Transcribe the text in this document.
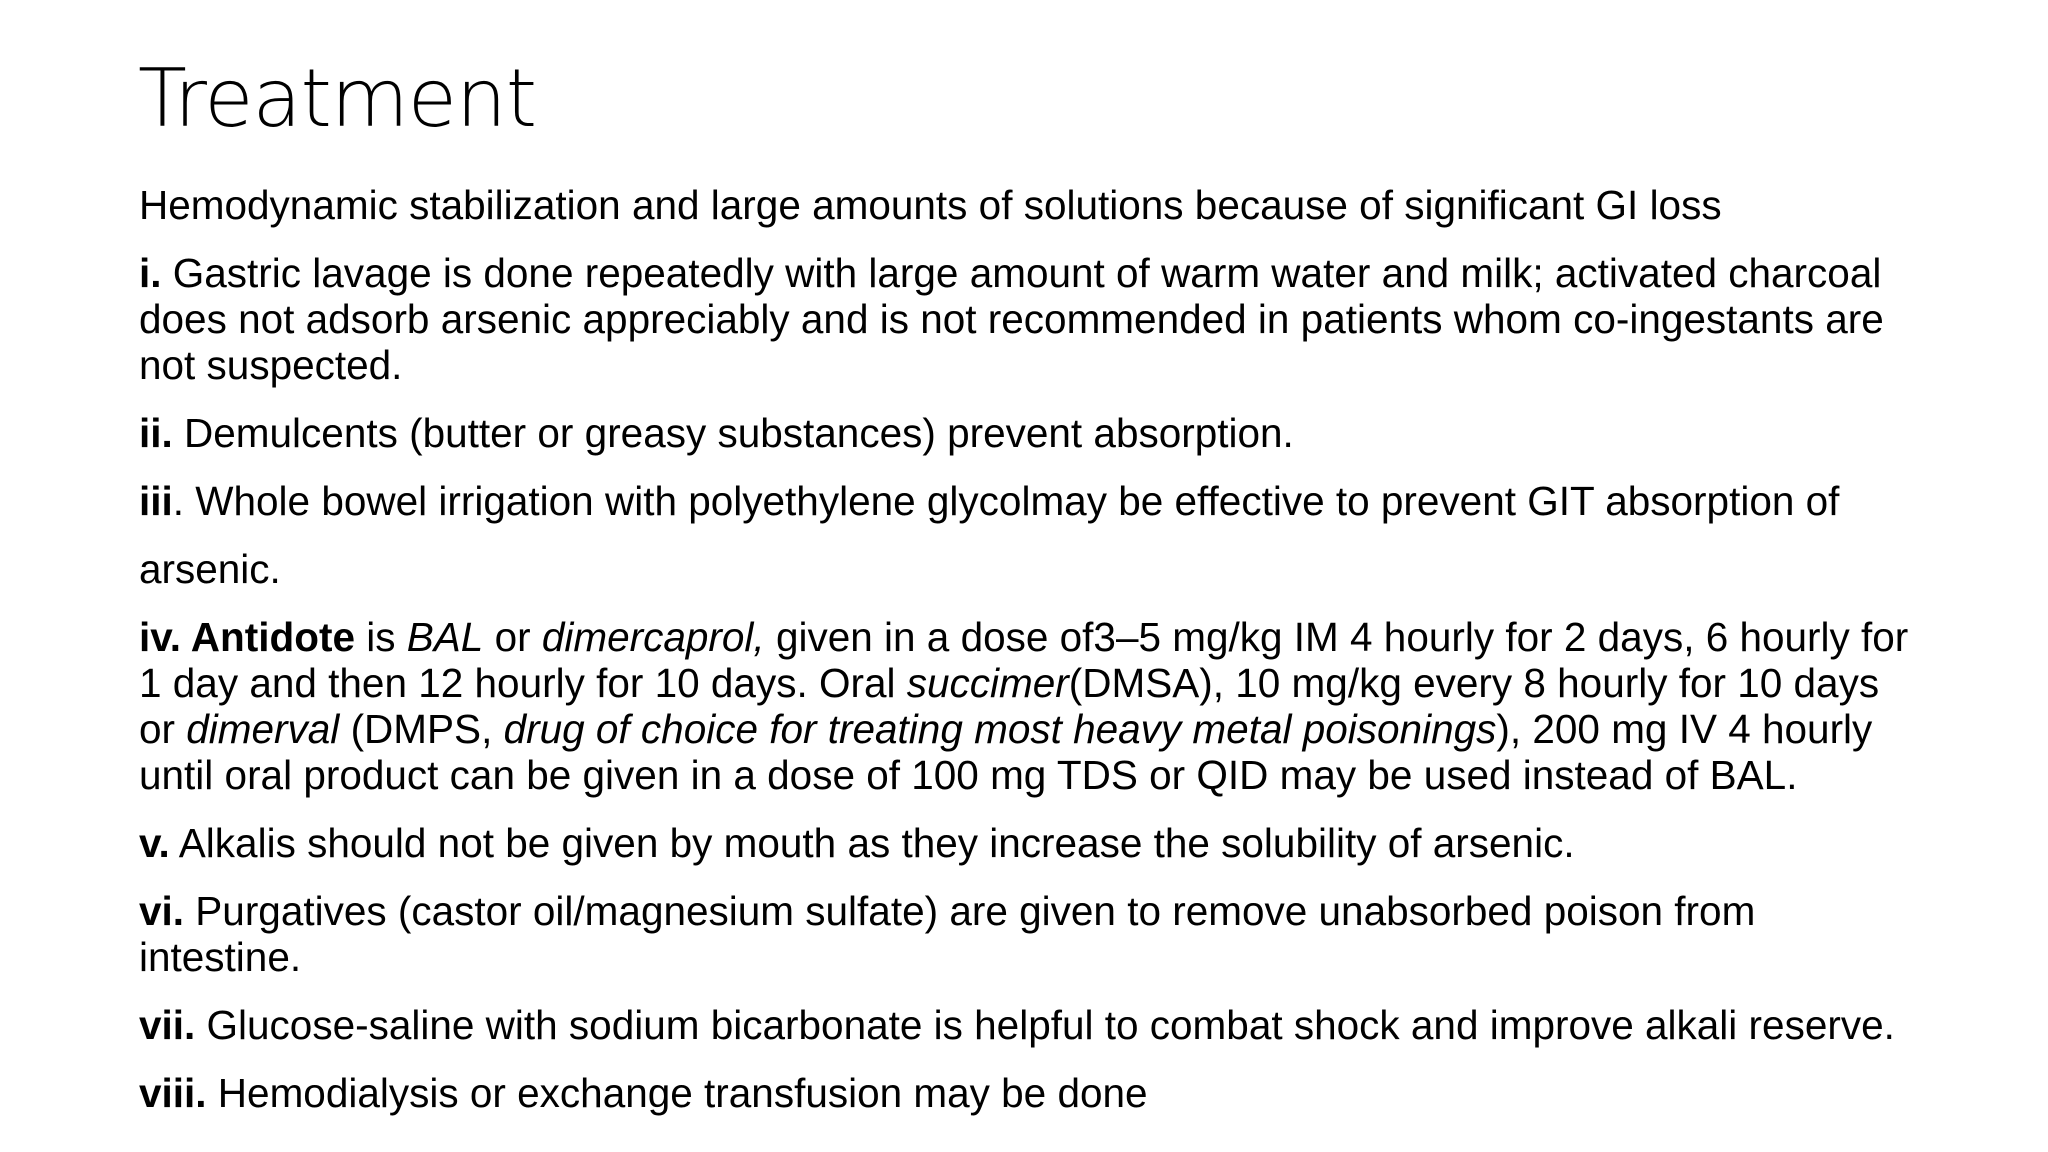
Treatment

Hemodynamic stabilization and large amounts of solutions because of significant GI loss

i. Gastric lavage is done repeatedly with large amount of warm water and milk; activated charcoal
does not adsorb arsenic appreciably and is not recommended in patients whom co-ingestants are
not suspected.

ii. Demulcents (butter or greasy substances) prevent absorption.

iii. Whole bowel irrigation with polyethylene glycolmay be effective to prevent GIT absorption of

arsenic.

iv. Antidote is BAL or dimercaprol, given in a dose of3–5 mg/kg IM 4 hourly for 2 days, 6 hourly for
1 day and then 12 hourly for 10 days. Oral succimer(DMSA), 10 mg/kg every 8 hourly for 10 days
or dimerval (DMPS, drug of choice for treating most heavy metal poisonings), 200 mg IV 4 hourly
until oral product can be given in a dose of 100 mg TDS or QID may be used instead of BAL.

v. Alkalis should not be given by mouth as they increase the solubility of arsenic.

vi. Purgatives (castor oil/magnesium sulfate) are given to remove unabsorbed poison from
intestine.

vii. Glucose-saline with sodium bicarbonate is helpful to combat shock and improve alkali reserve.

viii. Hemodialysis or exchange transfusion may be done
